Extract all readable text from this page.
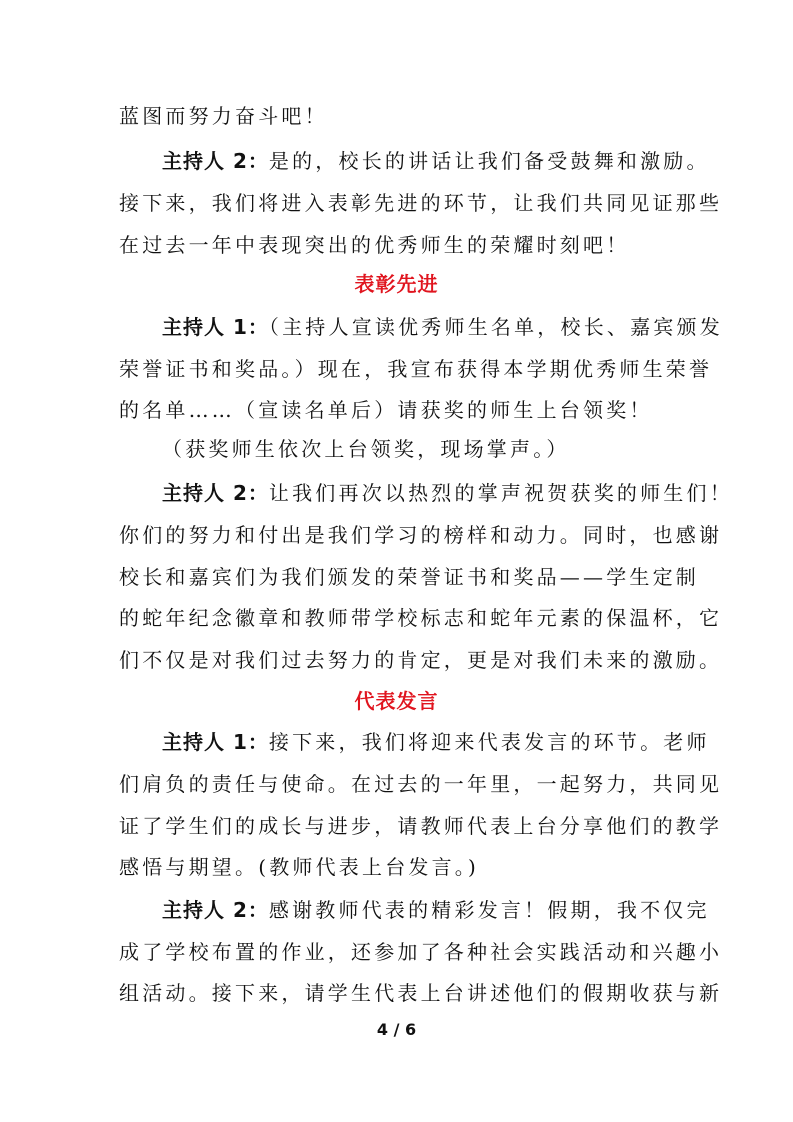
蓝图而努力奋斗吧！
主持人 2：是的，校长的讲话让我们备受鼓舞和激励。
接下来，我们将进入表彰先进的环节，让我们共同见证那些
在过去一年中表现突出的优秀师生的荣耀时刻吧！
表彰先进
主持人 1：（主持人宣读优秀师生名单，校长、嘉宾颁发
荣誉证书和奖品。）现在，我宣布获得本学期优秀师生荣誉
的名单……（宣读名单后）请获奖的师生上台领奖！
（获奖师生依次上台领奖，现场掌声。）
主持人 2：让我们再次以热烈的掌声祝贺获奖的师生们！
你们的努力和付出是我们学习的榜样和动力。同时，也感谢
校长和嘉宾们为我们颁发的荣誉证书和奖品——学生定制
的蛇年纪念徽章和教师带学校标志和蛇年元素的保温杯，它
们不仅是对我们过去努力的肯定，更是对我们未来的激励。
代表发言
主持人 1：接下来，我们将迎来代表发言的环节。老师
们肩负的责任与使命。在过去的一年里，一起努力，共同见
证了学生们的成长与进步，请教师代表上台分享他们的教学
感悟与期望。(教师代表上台发言。)
主持人 2：感谢教师代表的精彩发言！假期，我不仅完
成了学校布置的作业，还参加了各种社会实践活动和兴趣小
组活动。接下来，请学生代表上台讲述他们的假期收获与新
4 / 6
